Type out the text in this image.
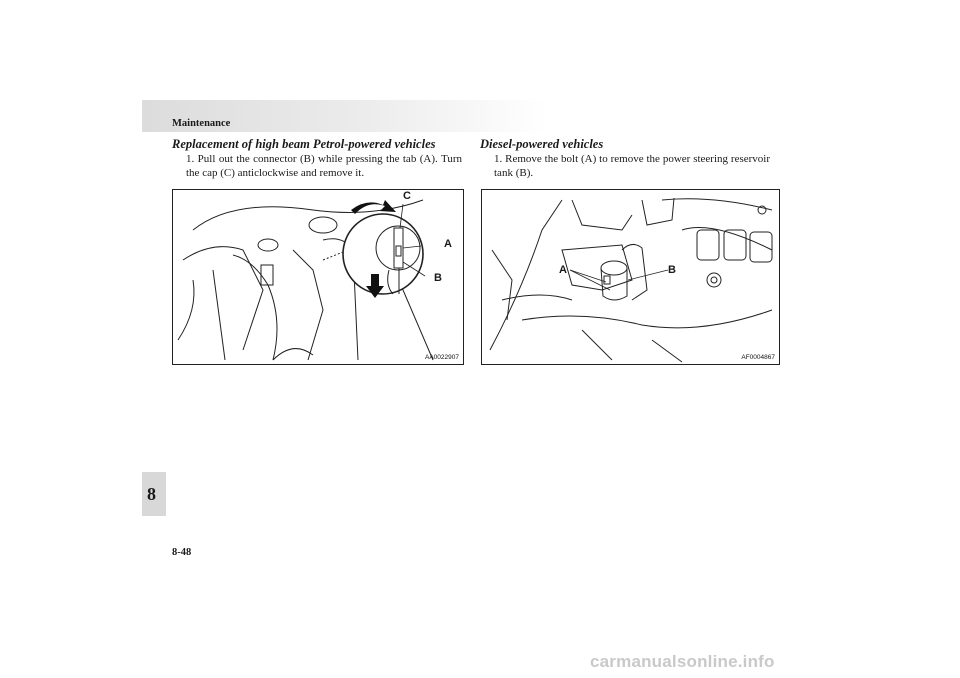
Maintenance
8
Replacement of high beam Petrol-powered vehicles
1. Pull out the connector (B) while pressing the tab (A). Turn the cap (C) anticlockwise and remove it.
C
A
B
AA0022907
Diesel-powered vehicles
1. Remove the bolt (A) to remove the power steering reservoir tank (B).
A	B
AF0004867
8-48
carmanualsonline.info
